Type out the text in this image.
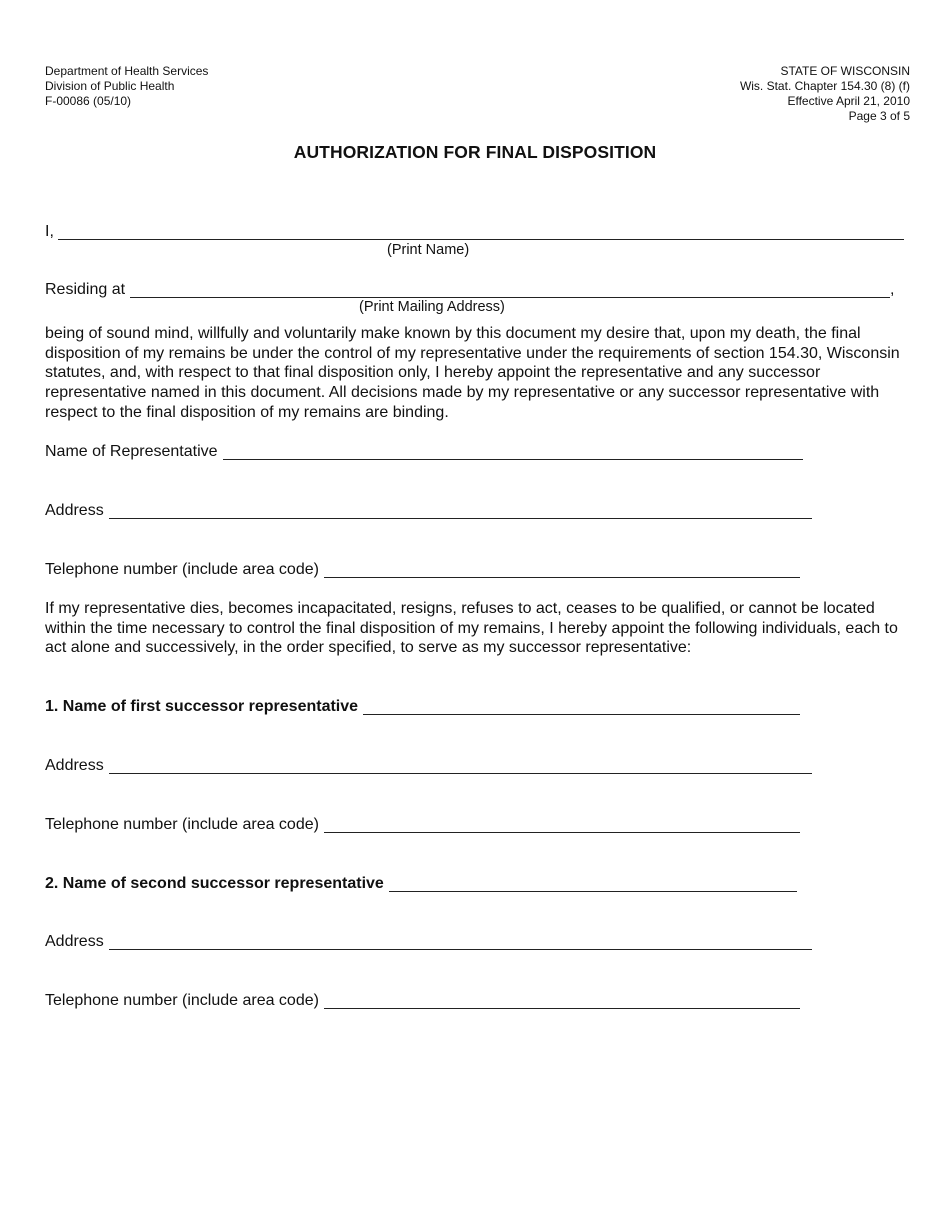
Department of Health Services
Division of Public Health
F-00086 (05/10)
STATE OF WISCONSIN
Wis. Stat. Chapter 154.30 (8) (f)
Effective April 21, 2010
Page 3 of 5
AUTHORIZATION FOR FINAL DISPOSITION
I,
(Print Name)
Residing at	,
(Print Mailing Address)

being of sound mind, willfully and voluntarily make known by this document my desire that, upon my death, the final disposition of my remains be under the control of my representative under the requirements of section 154.30, Wisconsin statutes, and, with respect to that final disposition only, I hereby appoint the representative and any successor representative named in this document. All decisions made by my representative or any successor representative with respect to the final disposition of my remains are binding.

Name of Representative
Address
Telephone number (include area code)

If my representative dies, becomes incapacitated, resigns, refuses to act, ceases to be qualified, or cannot be located within the time necessary to control the final disposition of my remains, I hereby appoint the following individuals, each to act alone and successively, in the order specified, to serve as my successor representative:

1. Name of first successor representative
Address
Telephone number (include area code)
2. Name of second successor representative
Address
Telephone number (include area code)
